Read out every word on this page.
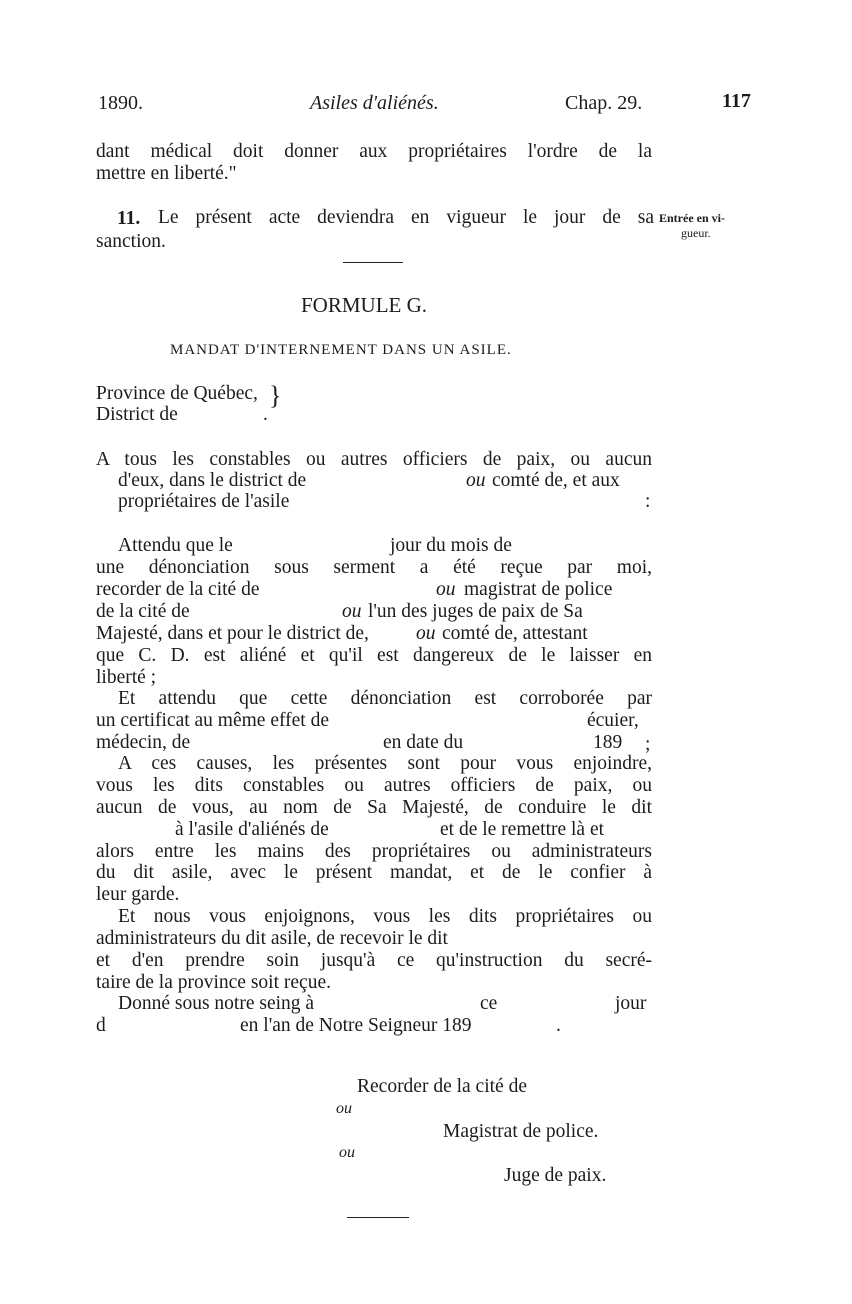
1890.	Asiles d'aliénés.	Chap. 29.	117
dant médical doit donner aux propriétaires l'ordre de la
mettre en liberté."
11. Le présent acte deviendra en vigueur le jour de sa
sanction.
Entrée en vi-
gueur.
FORMULE G.
MANDAT D'INTERNEMENT DANS UN ASILE.
Province de Québec,
District de	.
}
A tous les constables ou autres officiers de paix, ou aucun
d'eux, dans le district de	ou comté de, et aux
propriétaires de l'asile	:
Attendu que le	jour du mois de
une dénonciation sous serment a été reçue par moi,
recorder de la cité de	ou magistrat de police
de la cité de	ou l'un des juges de paix de Sa
Majesté, dans et pour le district de, ou comté de, attestant
que C. D. est aliéné et qu'il est dangereux de le laisser en
liberté ;
Et attendu que cette dénonciation est corroborée par
un certificat au même effet de	écuier,
médecin, de	en date du	189 ;
A ces causes, les présentes sont pour vous enjoindre,
vous les dits constables ou autres officiers de paix, ou
aucun de vous, au nom de Sa Majesté, de conduire le dit
à l'asile d'aliénés de	et de le remettre là et
alors entre les mains des propriétaires ou administrateurs
du dit asile, avec le présent mandat, et de le confier à
leur garde.
Et nous vous enjoignons, vous les dits propriétaires ou
administrateurs du dit asile, de recevoir le dit
et d'en prendre soin jusqu'à ce qu'instruction du secré-
taire de la province soit reçue.
Donné sous notre seing à	ce	jour
d	en l'an de Notre Seigneur 189	.
Recorder de la cité de
ou
Magistrat de police.
ou
Juge de paix.
